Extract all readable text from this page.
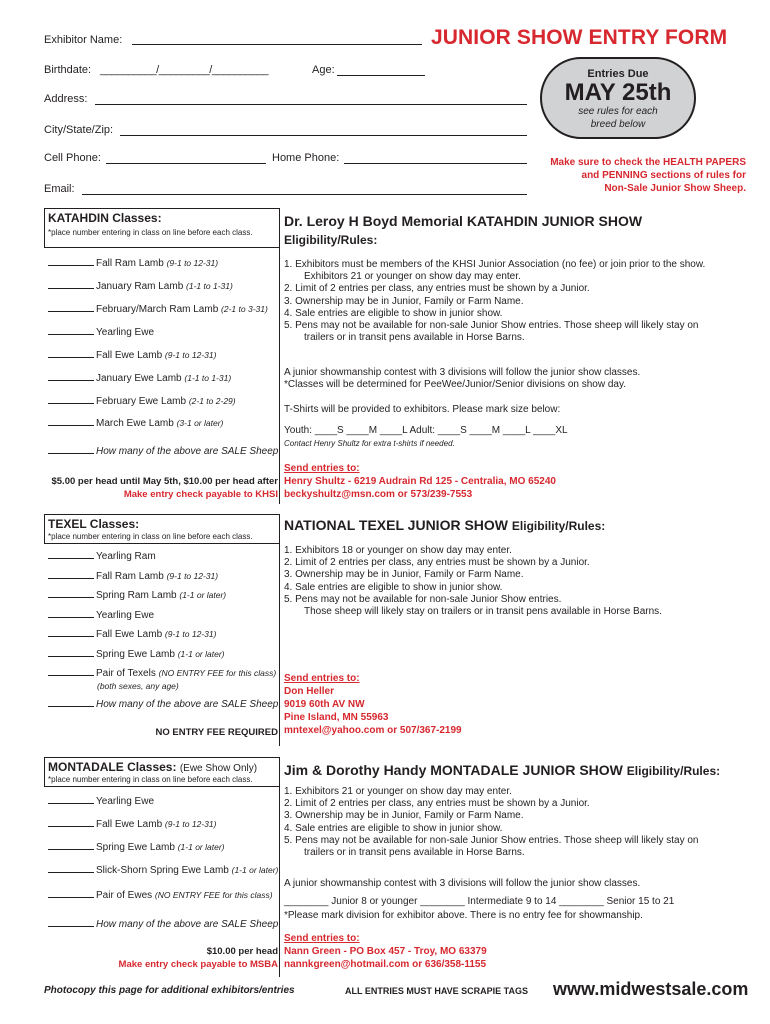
Exhibitor Name:	JUNIOR SHOW ENTRY FORM
Birthdate: __________/_________/__________	Age:	Entries Due
MAY 25th
see rules for each
breed below
Address:
City/State/Zip:
Cell Phone:	Home Phone:
Email:
Make sure to check the HEALTH PAPERS
and PENNING sections of rules for
Non-Sale Junior Show Sheep.
KATAHDIN Classes:
*place number entering in class on line before each class.
Fall Ram Lamb (9-1 to 12-31)
January Ram Lamb (1-1 to 1-31)
February/March Ram Lamb (2-1 to 3-31)
Yearling Ewe
Fall Ewe Lamb (9-1 to 12-31)
January Ewe Lamb (1-1 to 1-31)
February Ewe Lamb (2-1 to 2-29)
March Ewe Lamb (3-1 or later)
How many of the above are SALE Sheep
$5.00 per head until May 5th, $10.00 per head after
Make entry check payable to KHSI
Dr. Leroy H Boyd Memorial KATAHDIN JUNIOR SHOW
Eligibility/Rules:
1. Exhibitors must be members of the KHSI Junior Association (no fee) or join prior to the show.
Exhibitors 21 or younger on show day may enter.
2. Limit of 2 entries per class, any entries must be shown by a Junior.
3. Ownership may be in Junior, Family or Farm Name.
4. Sale entries are eligible to show in junior show.
5. Pens may not be available for non-sale Junior Show entries. Those sheep will likely stay on
trailers or in transit pens available in Horse Barns.
A junior showmanship contest with 3 divisions will follow the junior show classes.
*Classes will be determined for PeeWee/Junior/Senior divisions on show day.
T-Shirts will be provided to exhibitors. Please mark size below:
Youth: ____S ____M ____L Adult: ____S ____M ____L ____XL
Contact Henry Shultz for extra t-shirts if needed.
Send entries to:
Henry Shultz - 6219 Audrain Rd 125 - Centralia, MO 65240
beckyshultz@msn.com or 573/239-7553
TEXEL Classes:
*place number entering in class on line before each class.
Yearling Ram
Fall Ram Lamb (9-1 to 12-31)
Spring Ram Lamb (1-1 or later)
Yearling Ewe
Fall Ewe Lamb (9-1 to 12-31)
Spring Ewe Lamb (1-1 or later)
Pair of Texels (NO ENTRY FEE for this class)
(both sexes, any age)
How many of the above are SALE Sheep
NO ENTRY FEE REQUIRED
NATIONAL TEXEL JUNIOR SHOW Eligibility/Rules:
1. Exhibitors 18 or younger on show day may enter.
2. Limit of 2 entries per class, any entries must be shown by a Junior.
3. Ownership may be in Junior, Family or Farm Name.
4. Sale entries are eligible to show in junior show.
5. Pens may not be available for non-sale Junior Show entries.
Those sheep will likely stay on trailers or in transit pens available in Horse Barns.
Send entries to:
Don Heller
9019 60th AV NW
Pine Island, MN 55963
mntexel@yahoo.com or 507/367-2199
MONTADALE Classes: (Ewe Show Only)
*place number entering in class on line before each class.
Yearling Ewe
Fall Ewe Lamb (9-1 to 12-31)
Spring Ewe Lamb (1-1 or later)
Slick-Shorn Spring Ewe Lamb (1-1 or later)
Pair of Ewes (NO ENTRY FEE for this class)
How many of the above are SALE Sheep
$10.00 per head
Make entry check payable to MSBA
Jim & Dorothy Handy MONTADALE JUNIOR SHOW Eligibility/Rules:
1. Exhibitors 21 or younger on show day may enter.
2. Limit of 2 entries per class, any entries must be shown by a Junior.
3. Ownership may be in Junior, Family or Farm Name.
4. Sale entries are eligible to show in junior show.
5. Pens may not be available for non-sale Junior Show entries. Those sheep will likely stay on
trailers or in transit pens available in Horse Barns.
A junior showmanship contest with 3 divisions will follow the junior show classes.
________ Junior 8 or younger ________ Intermediate 9 to 14 ________ Senior 15 to 21
*Please mark division for exhibitor above. There is no entry fee for showmanship.
Send entries to:
Nann Green - PO Box 457 - Troy, MO 63379
nannkgreen@hotmail.com or 636/358-1155
Photocopy this page for additional exhibitors/entries	ALL ENTRIES MUST HAVE SCRAPIE TAGS www.midwestsale.com
